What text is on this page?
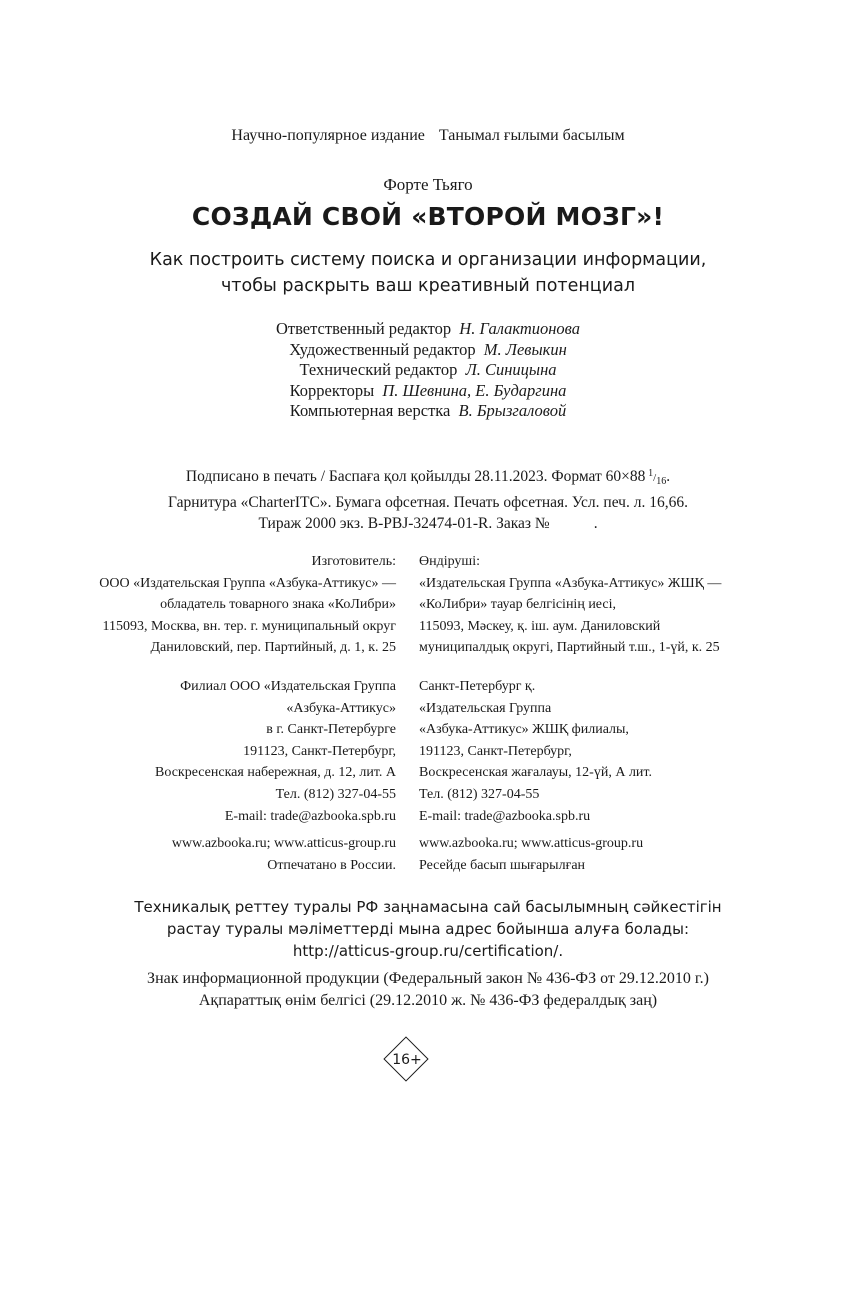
Научно-популярное издание Танымал ғылыми басылым
Форте Тьяго
СОЗДАЙ СВОЙ «ВТОРОЙ МОЗГ»!
Как построить систему поиска и организации информации,
чтобы раскрыть ваш креативный потенциал
Ответственный редактор Н. Галактионова
Художественный редактор М. Левыкин
Технический редактор Л. Синицына
Корректоры П. Шевнина, Е. Бударгина
Компьютерная верстка В. Брызгаловой
Подписано в печать / Баспаға қол қойылды 28.11.2023. Формат 60×88 $^1/_{16}$.
Гарнитура «CharterITC». Бумага офсетная. Печать офсетная. Усл. печ. л. 16,66.
Тираж 2000 экз. B-PBJ-32474-01-R. Заказ №	.
Изготовитель:
ООО «Издательская Группа «Азбука-Аттикус» —
обладатель товарного знака «КоЛибри»
115093, Москва, вн. тер. г. муниципальный округ
Даниловский, пер. Партийный, д. 1, к. 25
Өндіруші:
«Издательская Группа «Азбука-Аттикус» ЖШҚ —
«КоЛибри» тауар белгісінің иесі,
115093, Мәскеу, қ. іш. аум. Даниловский
муниципалдық округі, Партийный т.ш., 1-үй, к. 25
Филиал ООО «Издательская Группа
«Азбука-Аттикус»
в г. Санкт-Петербурге
191123, Санкт-Петербург,
Воскресенская набережная, д. 12, лит. А
Тел. (812) 327-04-55
E-mail: trade@azbooka.spb.ru
Санкт-Петербург қ.
«Издательская Группа
«Азбука-Аттикус» ЖШҚ филиалы,
191123, Санкт-Петербург,
Воскресенская жағалауы, 12-үй, А лит.
Тел. (812) 327-04-55
E-mail: trade@azbooka.spb.ru
www.azbooka.ru; www.atticus-group.ru
Отпечатано в России.
www.azbooka.ru; www.atticus-group.ru
Ресейде басып шығарылған
Техникалық реттеу туралы РФ заңнамасына сай басылымның сәйкестігін
растау туралы мәліметтерді мына адрес бойынша алуға болады:
http://atticus-group.ru/certification/.
Знак информационной продукции (Федеральный закон № 436-ФЗ от 29.12.2010 г.)
Ақпараттық өнім белгісі (29.12.2010 ж. № 436-ФЗ федералдық заң)
16+
